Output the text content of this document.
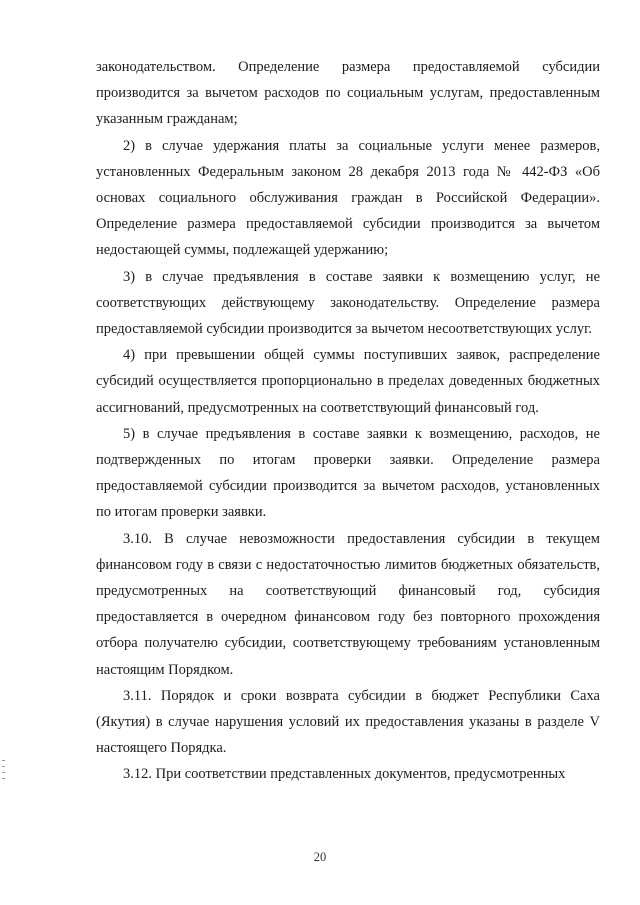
законодательством. Определение размера предоставляемой субсидии производится за вычетом расходов по социальным услугам, предоставленным указанным гражданам;

2) в случае удержания платы за социальные услуги менее размеров, установленных Федеральным законом 28 декабря 2013 года № 442-ФЗ «Об основах социального обслуживания граждан в Российской Федерации». Определение размера предоставляемой субсидии производится за вычетом недостающей суммы, подлежащей удержанию;

3) в случае предъявления в составе заявки к возмещению услуг, не соответствующих действующему законодательству. Определение размера предоставляемой субсидии производится за вычетом несоответствующих услуг.

4) при превышении общей суммы поступивших заявок, распределение субсидий осуществляется пропорционально в пределах доведенных бюджетных ассигнований, предусмотренных на соответствующий финансовый год.

5) в случае предъявления в составе заявки к возмещению, расходов, не подтвержденных по итогам проверки заявки. Определение размера предоставляемой субсидии производится за вычетом расходов, установленных по итогам проверки заявки.

3.10. В случае невозможности предоставления субсидии в текущем финансовом году в связи с недостаточностью лимитов бюджетных обязательств, предусмотренных на соответствующий финансовый год, субсидия предоставляется в очередном финансовом году без повторного прохождения отбора получателю субсидии, соответствующему требованиям установленным настоящим Порядком.

3.11. Порядок и сроки возврата субсидии в бюджет Республики Саха (Якутия) в случае нарушения условий их предоставления указаны в разделе V настоящего Порядка.

3.12. При соответствии представленных документов, предусмотренных

20
